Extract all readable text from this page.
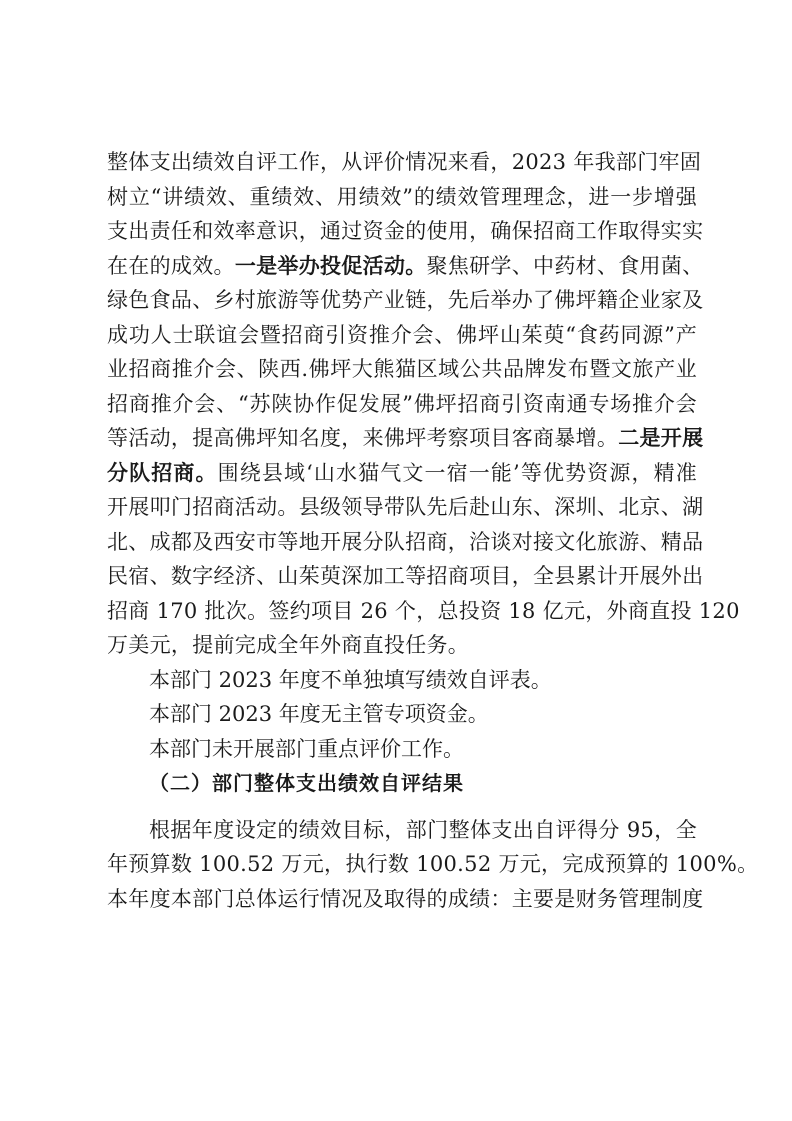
整体支出绩效自评工作，从评价情况来看，2023 年我部门牢固
树立“讲绩效、重绩效、用绩效”的绩效管理理念，进一步增强
支出责任和效率意识，通过资金的使用，确保招商工作取得实实
在在的成效。一是举办投促活动。聚焦研学、中药材、食用菌、
绿色食品、乡村旅游等优势产业链，先后举办了佛坪籍企业家及
成功人士联谊会暨招商引资推介会、佛坪山茱萸“食药同源”产
业招商推介会、陕西.佛坪大熊猫区域公共品牌发布暨文旅产业
招商推介会、“苏陕协作促发展”佛坪招商引资南通专场推介会
等活动，提高佛坪知名度，来佛坪考察项目客商暴增。二是开展
分队招商。围绕县域‘山水猫气文一宿一能’等优势资源，精准
开展叩门招商活动。县级领导带队先后赴山东、深圳、北京、湖
北、成都及西安市等地开展分队招商，洽谈对接文化旅游、精品
民宿、数字经济、山茱萸深加工等招商项目，全县累计开展外出
招商 170 批次。签约项目 26 个，总投资 18 亿元，外商直投 120
万美元，提前完成全年外商直投任务。
本部门 2023 年度不单独填写绩效自评表。
本部门 2023 年度无主管专项资金。
本部门未开展部门重点评价工作。
（二）部门整体支出绩效自评结果
根据年度设定的绩效目标，部门整体支出自评得分 95，全
年预算数 100.52 万元，执行数 100.52 万元，完成预算的 100%。
本年度本部门总体运行情况及取得的成绩：主要是财务管理制度
